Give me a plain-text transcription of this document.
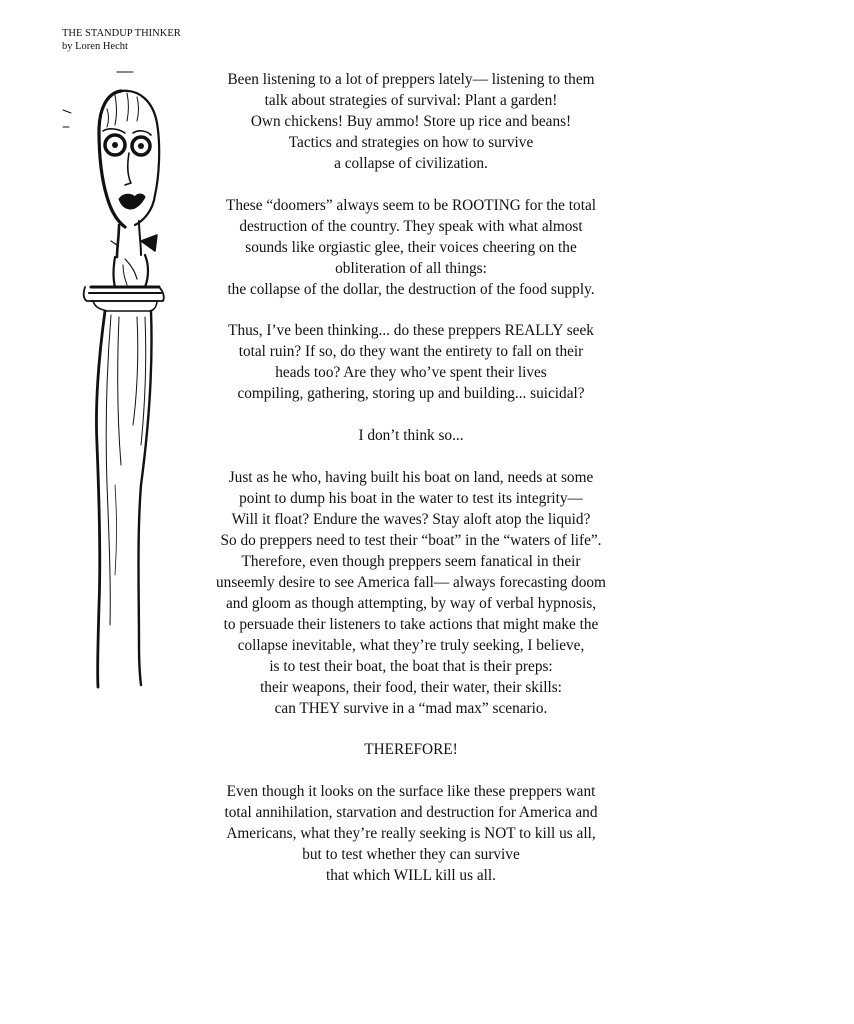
THE STANDUP THINKER
by Loren Hecht
Been listening to a lot of preppers lately— listening to them
talk about strategies of survival: Plant a garden!
Own chickens! Buy ammo! Store up rice and beans!
Tactics and strategies on how to survive
a collapse of civilization.
These “doomers” always seem to be ROOTING for the total
destruction of the country. They speak with what almost
sounds like orgiastic glee, their voices cheering on the
obliteration of all things:
the collapse of the dollar, the destruction of the food supply.
Thus, I’ve been thinking... do these preppers REALLY seek
total ruin? If so, do they want the entirety to fall on their
heads too? Are they who’ve spent their lives
compiling, gathering, storing up and building... suicidal?
I don’t think so...
Just as he who, having built his boat on land, needs at some
point to dump his boat in the water to test its integrity—
Will it float? Endure the waves? Stay aloft atop the liquid?
So do preppers need to test their “boat” in the “waters of life”.
Therefore, even though preppers seem fanatical in their
unseemly desire to see America fall— always forecasting doom
and gloom as though attempting, by way of verbal hypnosis,
to persuade their listeners to take actions that might make the
collapse inevitable, what they’re truly seeking, I believe,
is to test their boat, the boat that is their preps:
their weapons, their food, their water, their skills:
can THEY survive in a “mad max” scenario.
THEREFORE!
Even though it looks on the surface like these preppers want
total annihilation, starvation and destruction for America and
Americans, what they’re really seeking is NOT to kill us all,
but to test whether they can survive
that which WILL kill us all.
